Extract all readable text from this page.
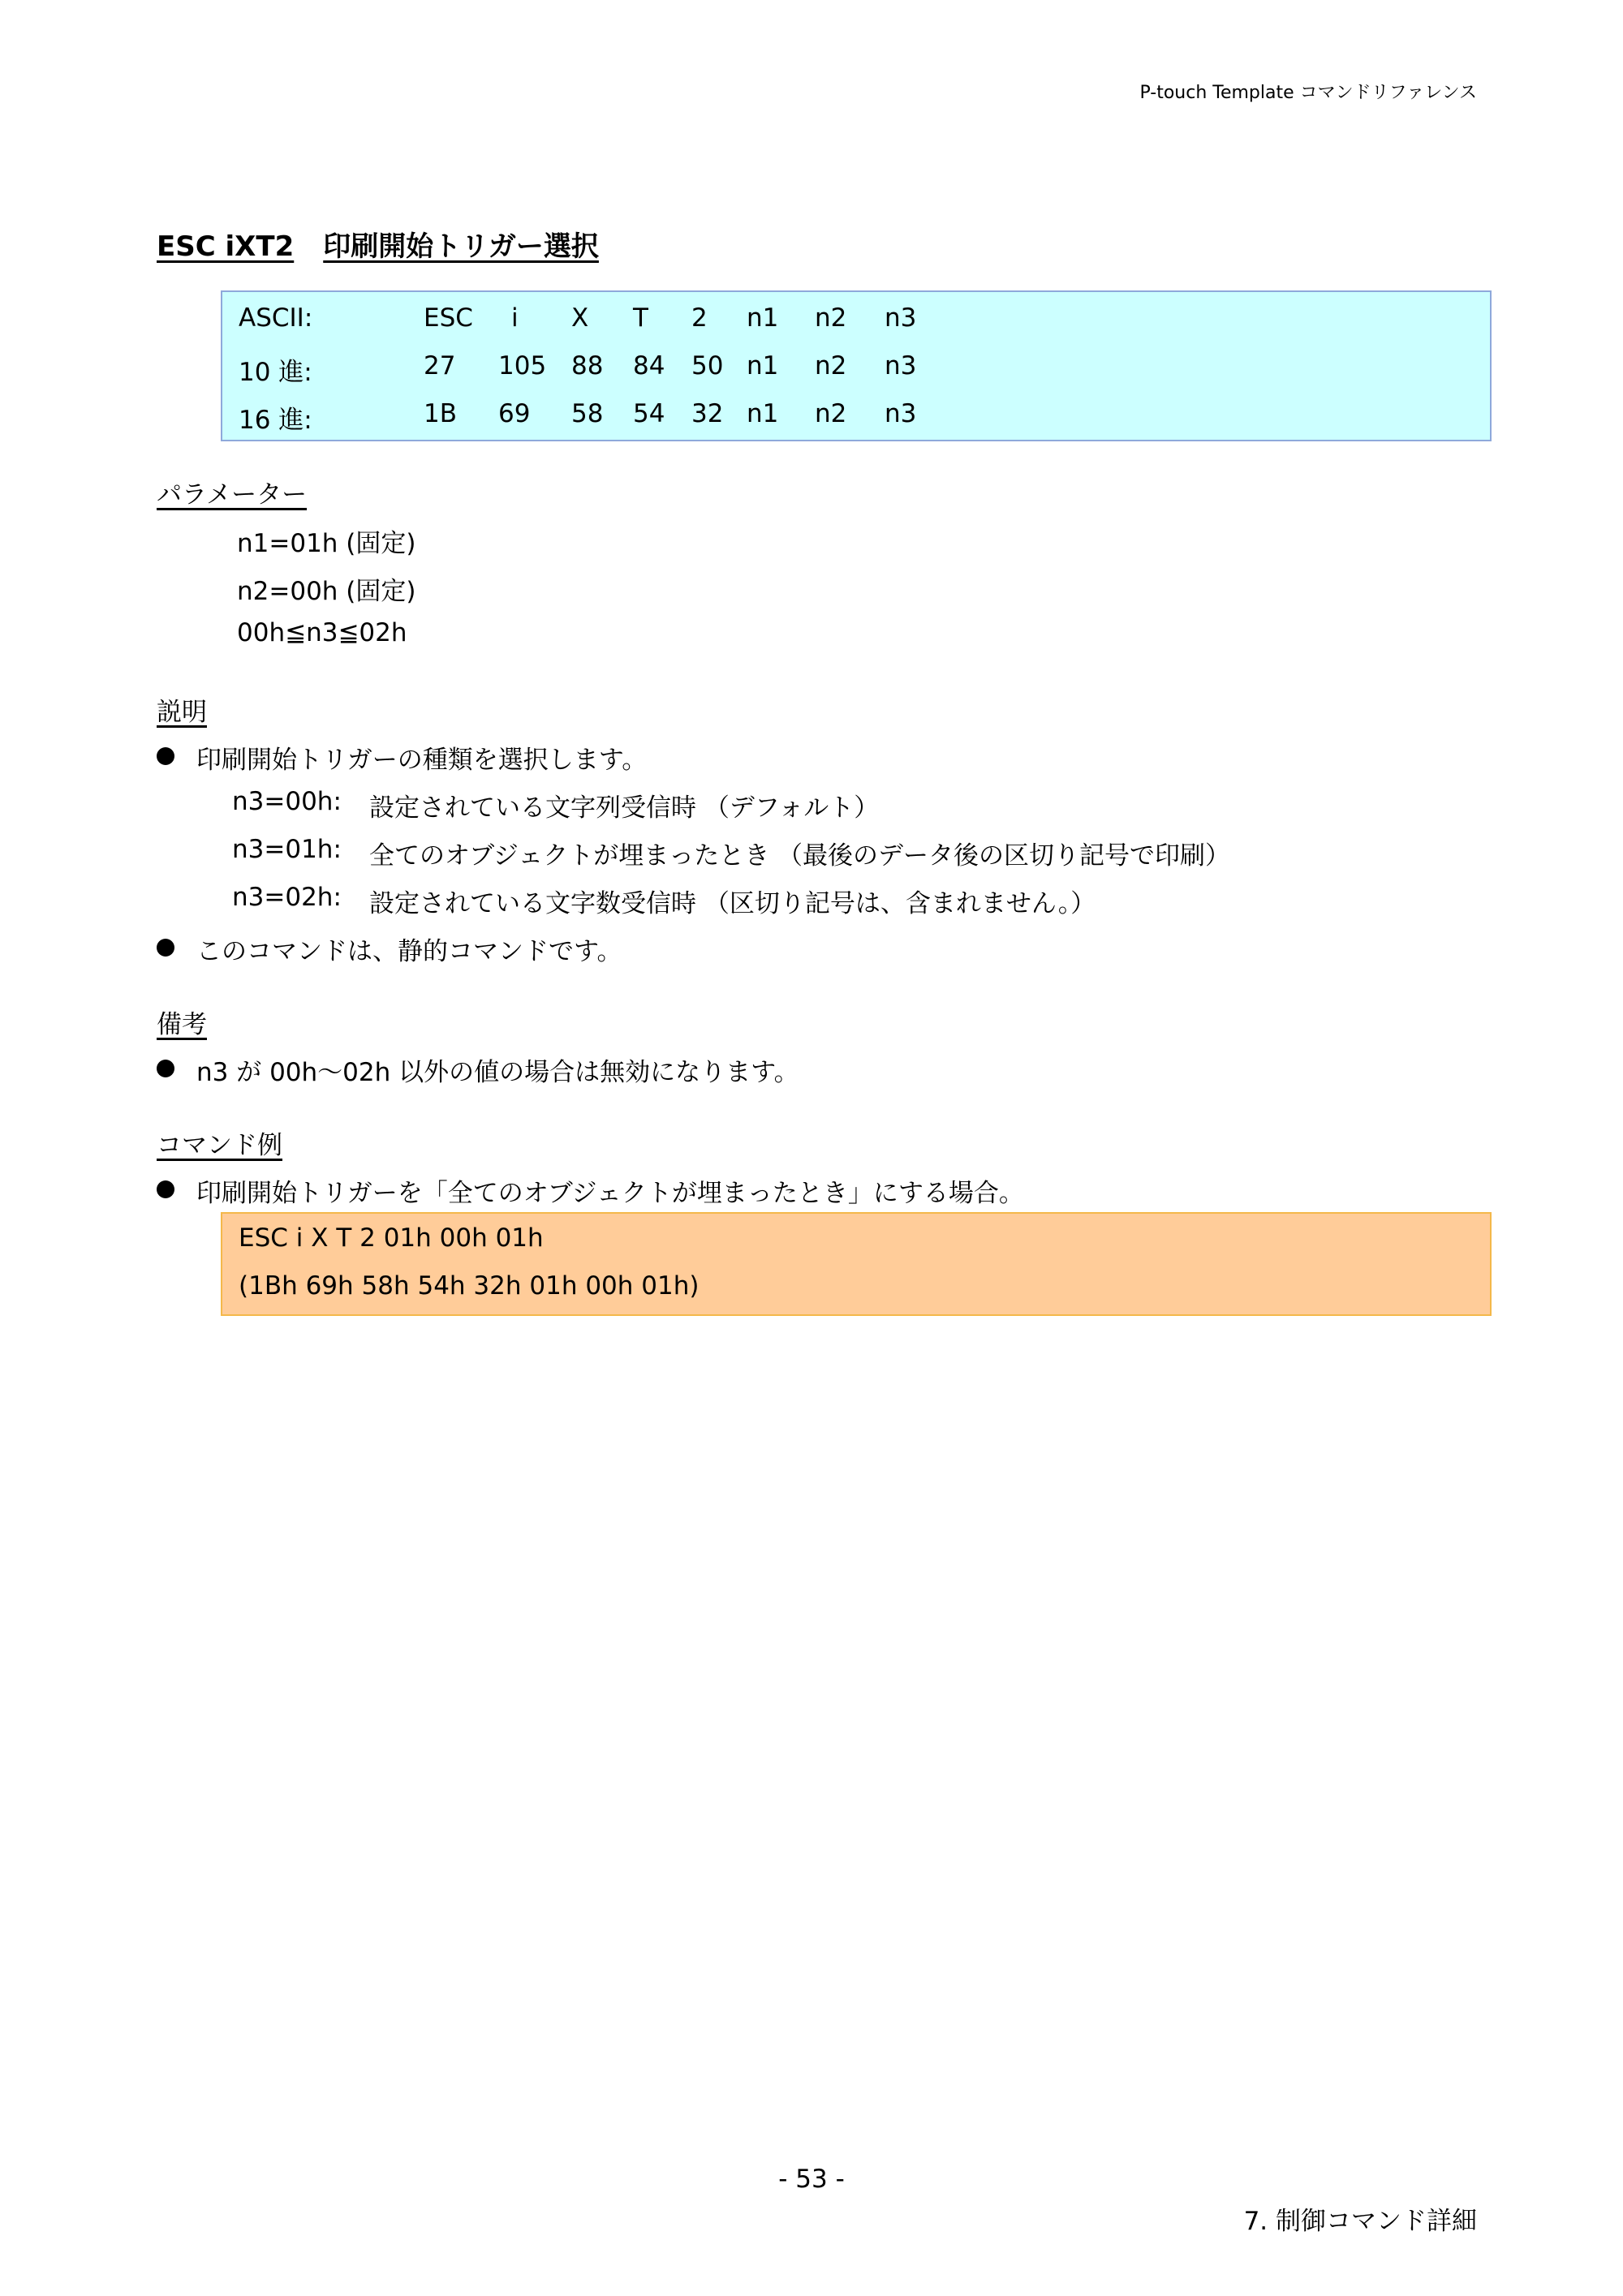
P-touch Template コマンドリファレンス
ESC iXT2 印刷開始トリガー選択
ASCII:	ESC i X T 2 n1 n2 n3
10 進:	27 105 88 84 50 n1 n2 n3
16 進:	1B 69 58 54 32 n1 n2 n3
パラメーター
n1=01h (固定)
n2=00h (固定)
00h≦n3≦02h
説明
印刷開始トリガーの種類を選択します。
n3=00h: 設定されている文字列受信時 （デフォルト）
n3=01h: 全てのオブジェクトが埋まったとき （最後のデータ後の区切り記号で印刷）
n3=02h: 設定されている文字数受信時 （区切り記号は、含まれません。）
このコマンドは、静的コマンドです。
備考
n3 が 00h〜02h 以外の値の場合は無効になります。
コマンド例
印刷開始トリガーを「全てのオブジェクトが埋まったとき」にする場合。
ESC i X T 2 01h 00h 01h
(1Bh 69h 58h 54h 32h 01h 00h 01h)
- 53 -
7. 制御コマンド詳細
